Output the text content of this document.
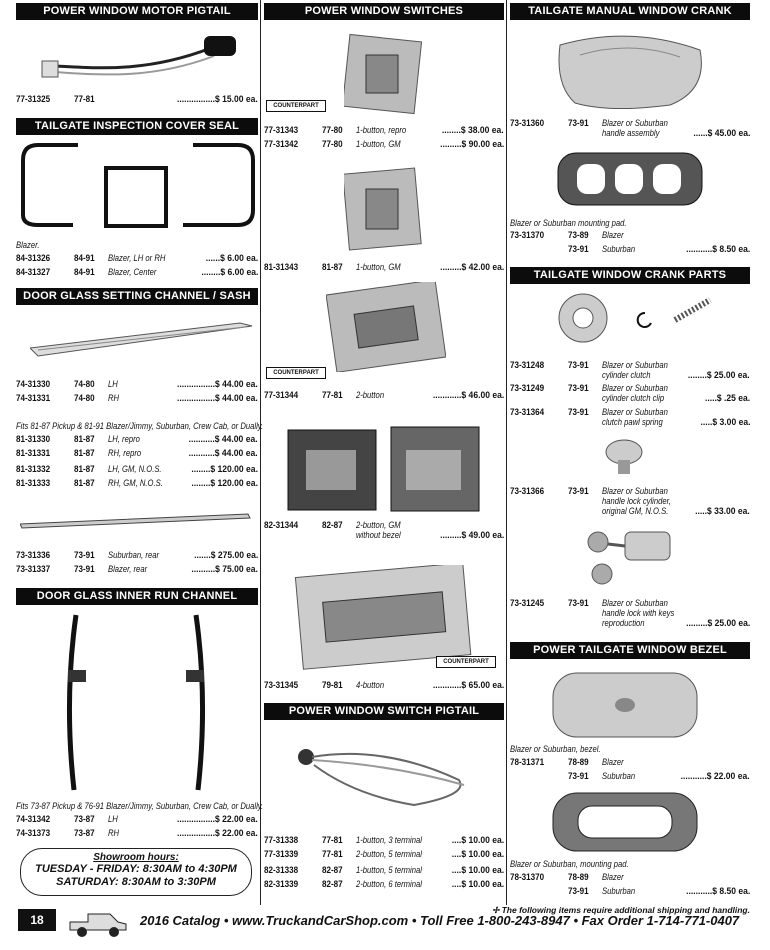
POWER WINDOW MOTOR PIGTAIL
77-31325	77-81	................$ 15.00 ea.
TAILGATE INSPECTION COVER SEAL
Blazer.
84-31326	84-91 Blazer, LH or RH	......$ 6.00 ea.
84-31327	84-91 Blazer, Center	........$ 6.00 ea.
DOOR GLASS SETTING CHANNEL / SASH
74-31330	74-80 LH	................$ 44.00 ea.
74-31331	74-80 RH	................$ 44.00 ea.
Fits 81-87 Pickup & 81-91 Blazer/Jimmy, Suburban, Crew Cab, or Dually.
81-31330	81-87 LH, repro	...........$ 44.00 ea.
81-31331	81-87 RH, repro	...........$ 44.00 ea.
81-31332	81-87 LH, GM, N.O.S.	........$ 120.00 ea.
81-31333	81-87 RH, GM, N.O.S.	........$ 120.00 ea.
73-31336	73-91 Suburban, rear	.......$ 275.00 ea.
73-31337	73-91 Blazer, rear	..........$ 75.00 ea.
DOOR GLASS INNER RUN CHANNEL
Fits 73-87 Pickup & 76-91 Blazer/Jimmy, Suburban, Crew Cab, or Dually.
74-31342	73-87 LH	................$ 22.00 ea.
74-31373	73-87 RH	................$ 22.00 ea.
Showroom hours:
TUESDAY - FRIDAY: 8:30AM to 4:30PM
SATURDAY: 8:30AM to 3:30PM
POWER WINDOW SWITCHES
COUNTERPART
77-31343	77-80 1-button, repro	........$ 38.00 ea.
77-31342	77-80 1-button, GM	.........$ 90.00 ea.
81-31343	81-87 1-button, GM	.........$ 42.00 ea.
COUNTERPART
77-31344	77-81 2-button	............$ 46.00 ea.
82-31344	82-87 2-button, GM
without bezel	.........$ 49.00 ea.
COUNTERPART
73-31345	79-81 4-button	............$ 65.00 ea.
POWER WINDOW SWITCH PIGTAIL
77-31338	77-81 1-button, 3 terminal	....$ 10.00 ea.
77-31339	77-81 2-button, 5 terminal	....$ 10.00 ea.
82-31338	82-87 1-button, 5 terminal	....$ 10.00 ea.
82-31339	82-87 2-button, 6 terminal	....$ 10.00 ea.
TAILGATE MANUAL WINDOW CRANK
73-31360	73-91 Blazer or Suburban
handle assembly	......$ 45.00 ea.
Blazer or Suburban mounting pad.
73-31370	73-89 Blazer
73-91 Suburban	...........$ 8.50 ea.
TAILGATE WINDOW CRANK PARTS
73-31248	73-91 Blazer or Suburban
cylinder clutch	........$ 25.00 ea.
73-31249	73-91 Blazer or Suburban
cylinder clutch clip	.....$ .25 ea.
73-31364	73-91 Blazer or Suburban
clutch pawl spring	.....$ 3.00 ea.
73-31366	73-91 Blazer or Suburban
handle lock cylinder,
original GM, N.O.S.	.....$ 33.00 ea.
73-31245	73-91 Blazer or Suburban
handle lock with keys
reproduction	.........$ 25.00 ea.
POWER TAILGATE WINDOW BEZEL
Blazer or Suburban, bezel.
78-31371	78-89 Blazer
73-91 Suburban	...........$ 22.00 ea.
Blazer or Suburban, mounting pad.
78-31370	78-89 Blazer
73-91 Suburban	...........$ 8.50 ea.
✢ The following items require additional shipping and handling.
18	2016 Catalog • www.TruckandCarShop.com • Toll Free 1-800-243-8947 • Fax Order 1-714-771-0407
